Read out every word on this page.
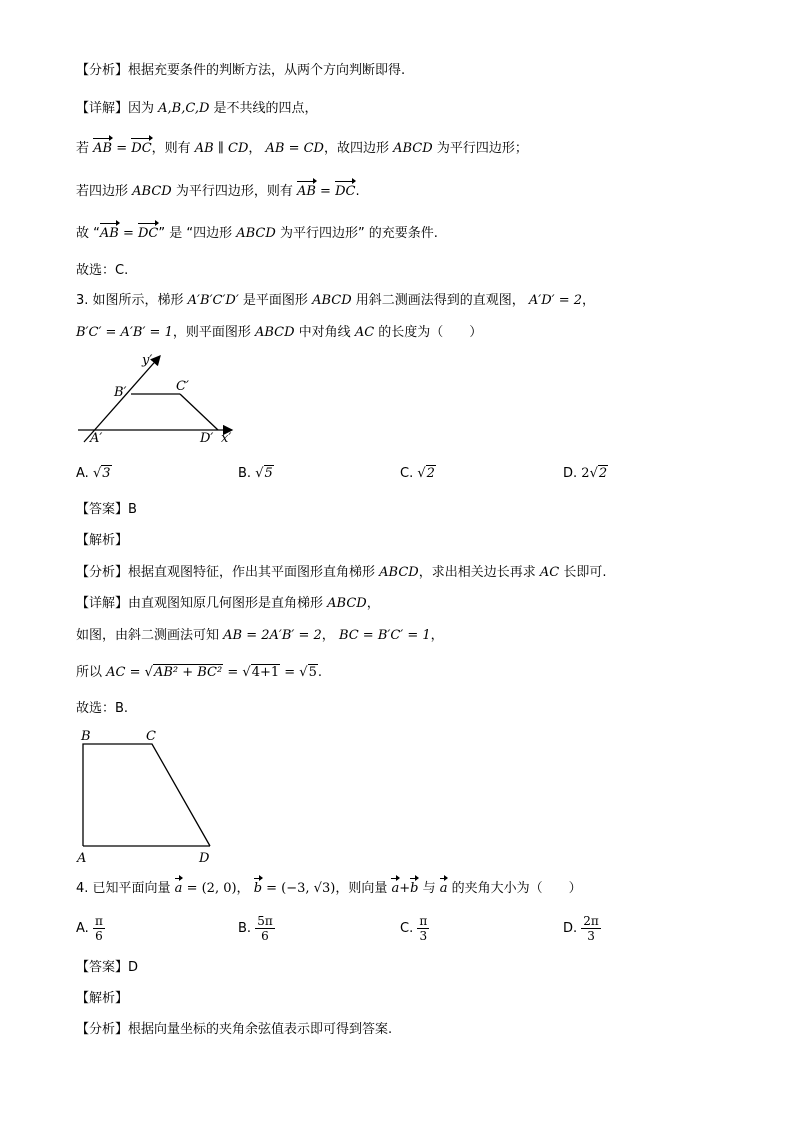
【分析】根据充要条件的判断方法，从两个方向判断即得.
【详解】因为 A,B,C,D 是不共线的四点，
若 AB = DC，则有 AB ∥ CD， AB = CD，故四边形 ABCD 为平行四边形；
若四边形 ABCD 为平行四边形，则有 AB = DC.
故 “AB = DC” 是 “四边形 ABCD 为平行四边形” 的充要条件.
故选：C.
3. 如图所示，梯形 A′B′C′D′ 是平面图形 ABCD 用斜二测画法得到的直观图， A′D′ = 2，
B′C′ = A′B′ = 1，则平面图形 ABCD 中对角线 AC 的长度为（　　）
y′
B′	C′
A′	D′ x′
A. √3	B. √5	C. √2	D. 2√2
【答案】B
【解析】
【分析】根据直观图特征，作出其平面图形直角梯形 ABCD，求出相关边长再求 AC 长即可.
【详解】由直观图知原几何图形是直角梯形 ABCD，
如图，由斜二测画法可知 AB = 2A′B′ = 2， BC = B′C′ = 1，
所以 AC = √AB² + BC² = √4+1 = √5.
故选：B.
B	C
A	D
4. 已知平面向量 a = (2, 0)， b = (−3, √3)，则向量 a+b 与 a 的夹角大小为（　　）
A. $\frac{\pi}{6}$	B. $\frac{5\pi}{6}$	C. $\frac{\pi}{3}$	D. $\frac{2\pi}{3}$
【答案】D
【解析】
【分析】根据向量坐标的夹角余弦值表示即可得到答案.
